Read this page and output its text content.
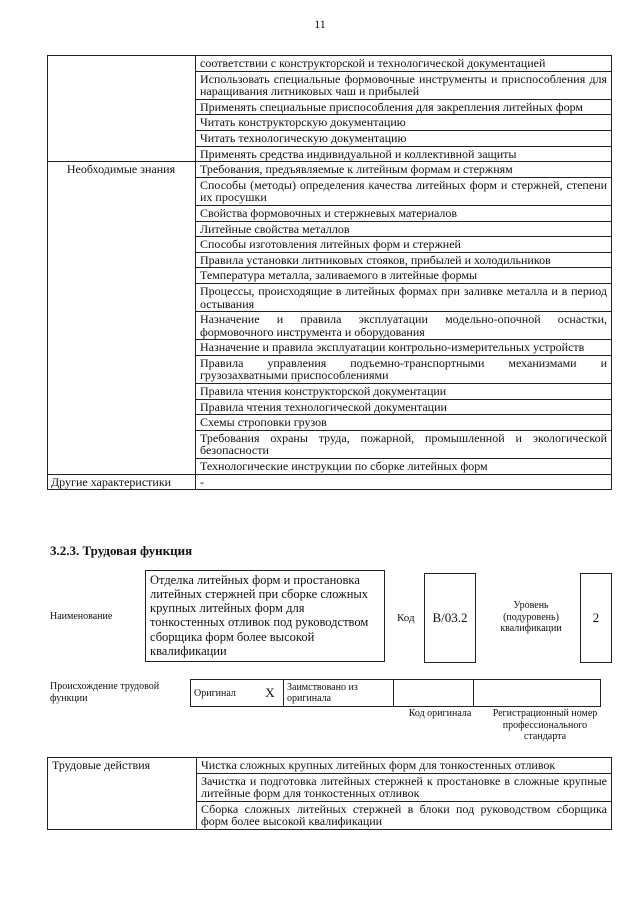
11
	соответствии с конструкторской и технологической документацией
	Использовать специальные формовочные инструменты и приспособления для наращивания литниковых чаш и прибылей
	Применять специальные приспособления для закрепления литейных форм
	Читать конструкторскую документацию
	Читать технологическую документацию
	Применять средства индивидуальной и коллективной защиты
Необходимые знания	Требования, предъявляемые к литейным формам и стержням
	Способы (методы) определения качества литейных форм и стержней, степени их просушки
	Свойства формовочных и стержневых материалов
	Литейные свойства металлов
	Способы изготовления литейных форм и стержней
	Правила установки литниковых стояков, прибылей и холодильников
	Температура металла, заливаемого в литейные формы
	Процессы, происходящие в литейных формах при заливке металла и в период остывания
	Назначение и правила эксплуатации модельно-опочной оснастки, формовочного инструмента и оборудования
	Назначение и правила эксплуатации контрольно-измерительных устройств
	Правила управления подъемно-транспортными механизмами и грузозахватными приспособлениями
	Правила чтения конструкторской документации
	Правила чтения технологической документации
	Схемы строповки грузов
	Требования охраны труда, пожарной, промышленной и экологической безопасности
	Технологические инструкции по сборке литейных форм
Другие характеристики	-
3.2.3. Трудовая функция
Наименование
Отделка литейных форм и простановка литейных стержней при сборке сложных крупных литейных форм для тонкостенных отливок под руководством сборщика форм более высокой квалификации
Код В/03.2
Уровень (подуровень) квалификации
2
Происхождение трудовой функции	Оригинал	X	Заимствовано из оригинала		
Код оригинала	Регистрационный номер профессионального стандарта
Трудовые действия	Чистка сложных крупных литейных форм для тонкостенных отливок
Зачистка и подготовка литейных стержней к простановке в сложные крупные литейные форм для тонкостенных отливок
Сборка сложных литейных стержней в блоки под руководством сборщика форм более высокой квалификации
